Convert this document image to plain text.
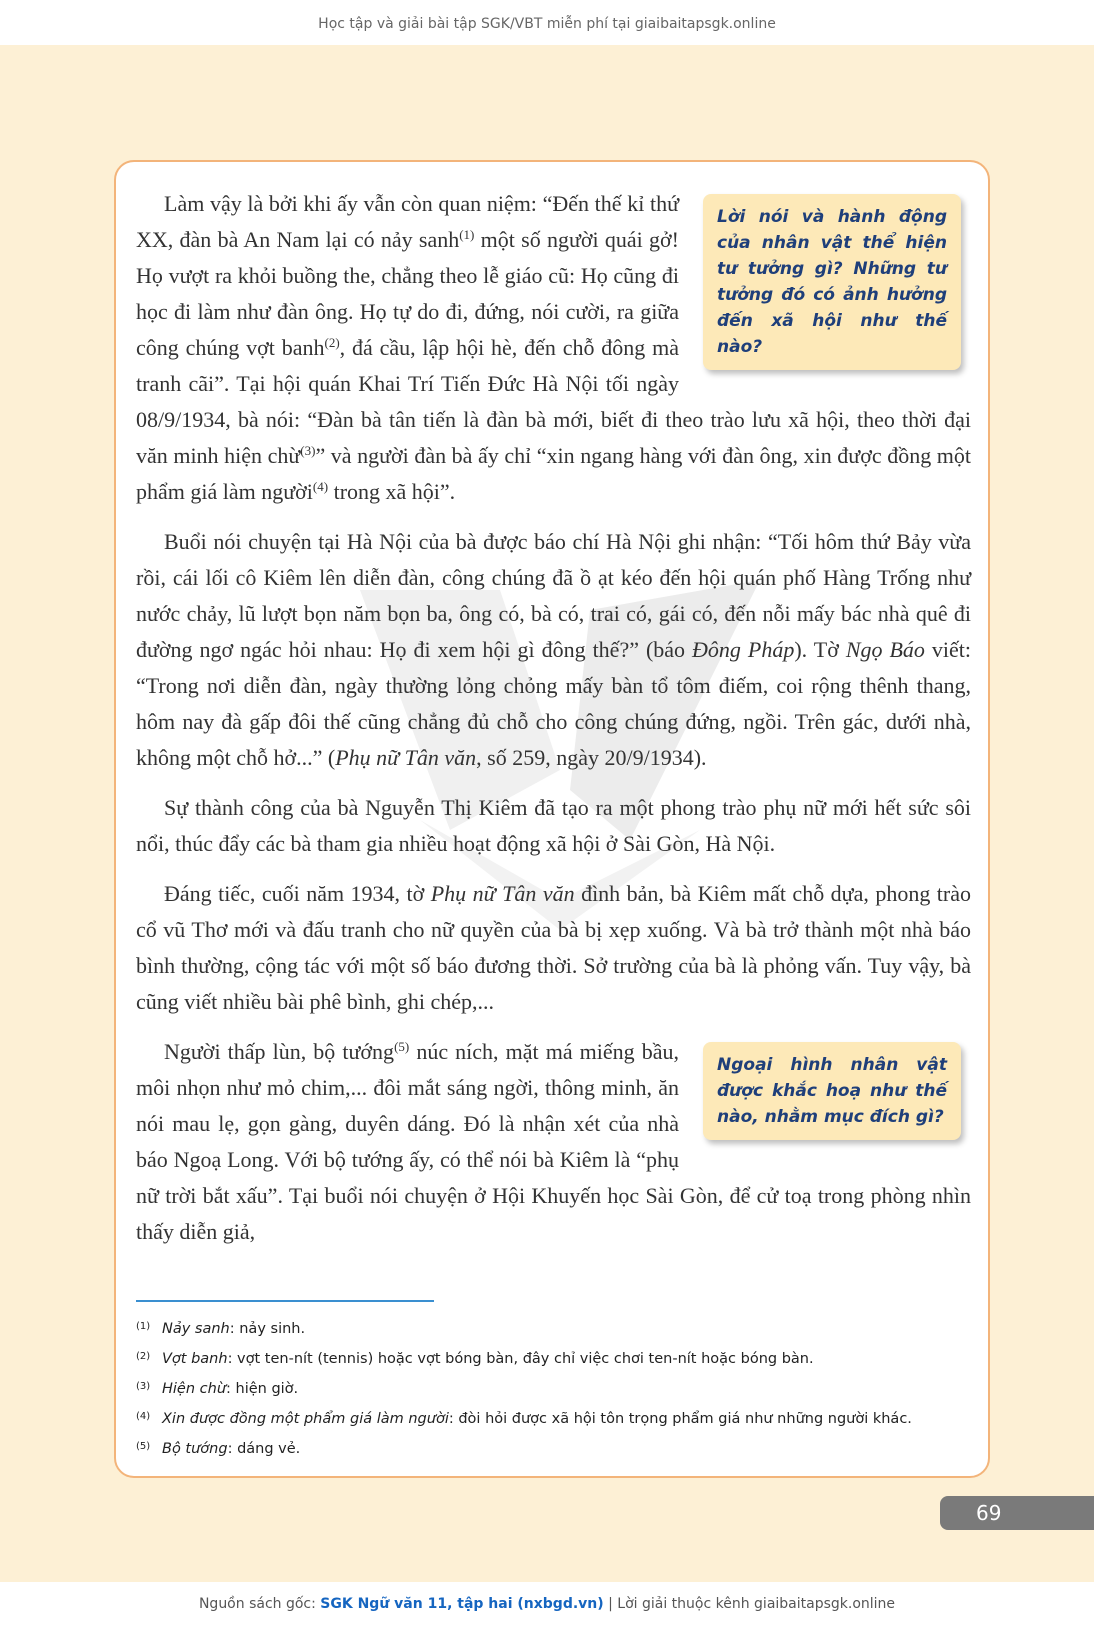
Học tập và giải bài tập SGK/VBT miễn phí tại giaibaitapsgk.online
Lời nói và hành động của nhân vật thể hiện tư tưởng gì? Những tư tưởng đó có ảnh hưởng đến xã hội như thế nào?

Làm vậy là bởi khi ấy vẫn còn quan niệm: “Đến thế kỉ thứ XX, đàn bà An Nam lại có nảy sanh$^{(1)}$ một số người quái gở! Họ vượt ra khỏi buồng the, chẳng theo lễ giáo cũ: Họ cũng đi học đi làm như đàn ông. Họ tự do đi, đứng, nói cười, ra giữa công chúng vợt banh$^{(2)}$, đá cầu, lập hội hè, đến chỗ đông mà tranh cãi”. Tại hội quán Khai Trí Tiến Đức Hà Nội tối ngày 08/9/1934, bà nói: “Đàn bà tân tiến là đàn bà mới, biết đi theo trào lưu xã hội, theo thời đại văn minh hiện chừ$^{(3)}$” và người đàn bà ấy chỉ “xin ngang hàng với đàn ông, xin được đồng một phẩm giá làm người$^{(4)}$ trong xã hội”.

Buổi nói chuyện tại Hà Nội của bà được báo chí Hà Nội ghi nhận: “Tối hôm thứ Bảy vừa rồi, cái lối cô Kiêm lên diễn đàn, công chúng đã ồ ạt kéo đến hội quán phố Hàng Trống như nước chảy, lũ lượt bọn năm bọn ba, ông có, bà có, trai có, gái có, đến nỗi mấy bác nhà quê đi đường ngơ ngác hỏi nhau: Họ đi xem hội gì đông thế?” (báo Đông Pháp). Tờ Ngọ Báo viết: “Trong nơi diễn đàn, ngày thường lỏng chỏng mấy bàn tổ tôm điếm, coi rộng thênh thang, hôm nay đà gấp đôi thế cũng chẳng đủ chỗ cho công chúng đứng, ngồi. Trên gác, dưới nhà, không một chỗ hở...” (Phụ nữ Tân văn, số 259, ngày 20/9/1934).

Sự thành công của bà Nguyễn Thị Kiêm đã tạo ra một phong trào phụ nữ mới hết sức sôi nổi, thúc đẩy các bà tham gia nhiều hoạt động xã hội ở Sài Gòn, Hà Nội.

Đáng tiếc, cuối năm 1934, tờ Phụ nữ Tân văn đình bản, bà Kiêm mất chỗ dựa, phong trào cổ vũ Thơ mới và đấu tranh cho nữ quyền của bà bị xẹp xuống. Và bà trở thành một nhà báo bình thường, cộng tác với một số báo đương thời. Sở trường của bà là phỏng vấn. Tuy vậy, bà cũng viết nhiều bài phê bình, ghi chép,...

Ngoại hình nhân vật được khắc hoạ như thế nào, nhằm mục đích gì?

Người thấp lùn, bộ tướng$^{(5)}$ núc ních, mặt má miếng bầu, môi nhọn như mỏ chim,... đôi mắt sáng ngời, thông minh, ăn nói mau lẹ, gọn gàng, duyên dáng. Đó là nhận xét của nhà báo Ngoạ Long. Với bộ tướng ấy, có thể nói bà Kiêm là “phụ nữ trời bắt xấu”. Tại buổi nói chuyện ở Hội Khuyến học Sài Gòn, để cử toạ trong phòng nhìn thấy diễn giả,

(1) Nảy sanh: nảy sinh.
(2) Vợt banh: vợt ten-nít (tennis) hoặc vợt bóng bàn, đây chỉ việc chơi ten-nít hoặc bóng bàn.
(3) Hiện chừ: hiện giờ.
(4) Xin được đồng một phẩm giá làm người: đòi hỏi được xã hội tôn trọng phẩm giá như những người khác.
(5) Bộ tướng: dáng vẻ.
69
Nguồn sách gốc: SGK Ngữ văn 11, tập hai (nxbgd.vn) | Lời giải thuộc kênh giaibaitapsgk.online
